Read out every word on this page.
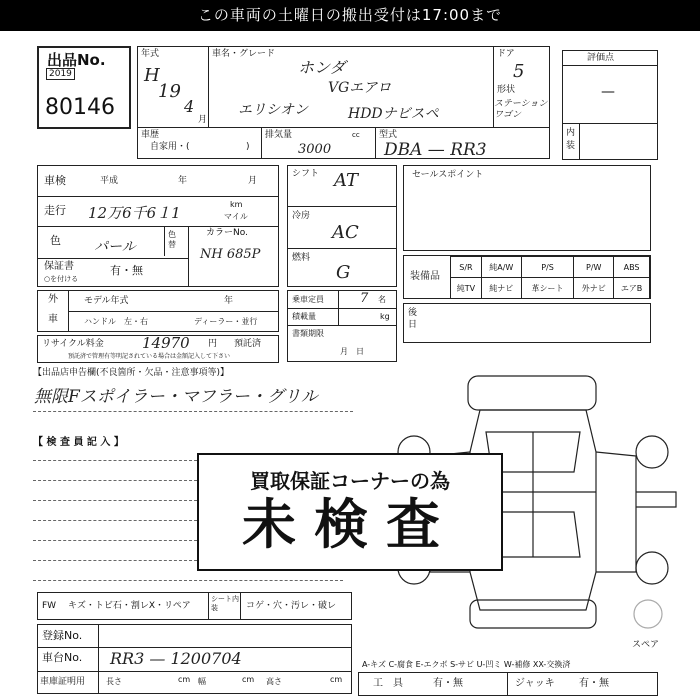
この車両の土曜日の搬出受付は17:00まで
出品No.
2019
80146
年式
H
19
4
月
車名・グレード
ホンダ
VGエアロ
エリシオン	HDDナビスペ
ドア
5
形状
ステーション ワゴン
評価点
—
内装
車歴
自家用・(	)
排気量
3000
cc 型式
DBA — RR3
車検	平成	年	月
走行 12万6千6１1	km
マイル
色 パール
色替
カラーNo.
NH 685P
保証書
○を付ける
有・無
シフト AT
冷房
AC
燃料
G
セールスポイント
装備品
S/R	純A/W	P/S	P/W	ABS
純TV	純ナビ	革シート	外ナビ	エアB
後日
乗車定員	7 名
積載量	kg
書類期限
月　日
外
車
モデル年式	年
ハンドル　左・右	ディーラー・並行
リサイクル料金	14970 円 預託済
預託済で管理有等明記されている場合は金額記入して下さい
【出品店申告欄(不良箇所・欠品・注意事項等)】
無限Fスポイラー・マフラー・グリル
【 検 査 員 記 入 】
スペア
買取保証コーナーの為
未検査
FW キズ・トビ石・割レX・リペア
シート内装	コゲ・穴・汚レ・破レ
登録No.
車台No. RR3 — 1200704
車庫証明用	長さ	cm 幅	cm 高さ	cm
A-キズ C-腐食 E-エクボ S-サビ U-凹ミ W-補修 XX-交換済
工　具	有・無	ジャッキ 有・無
